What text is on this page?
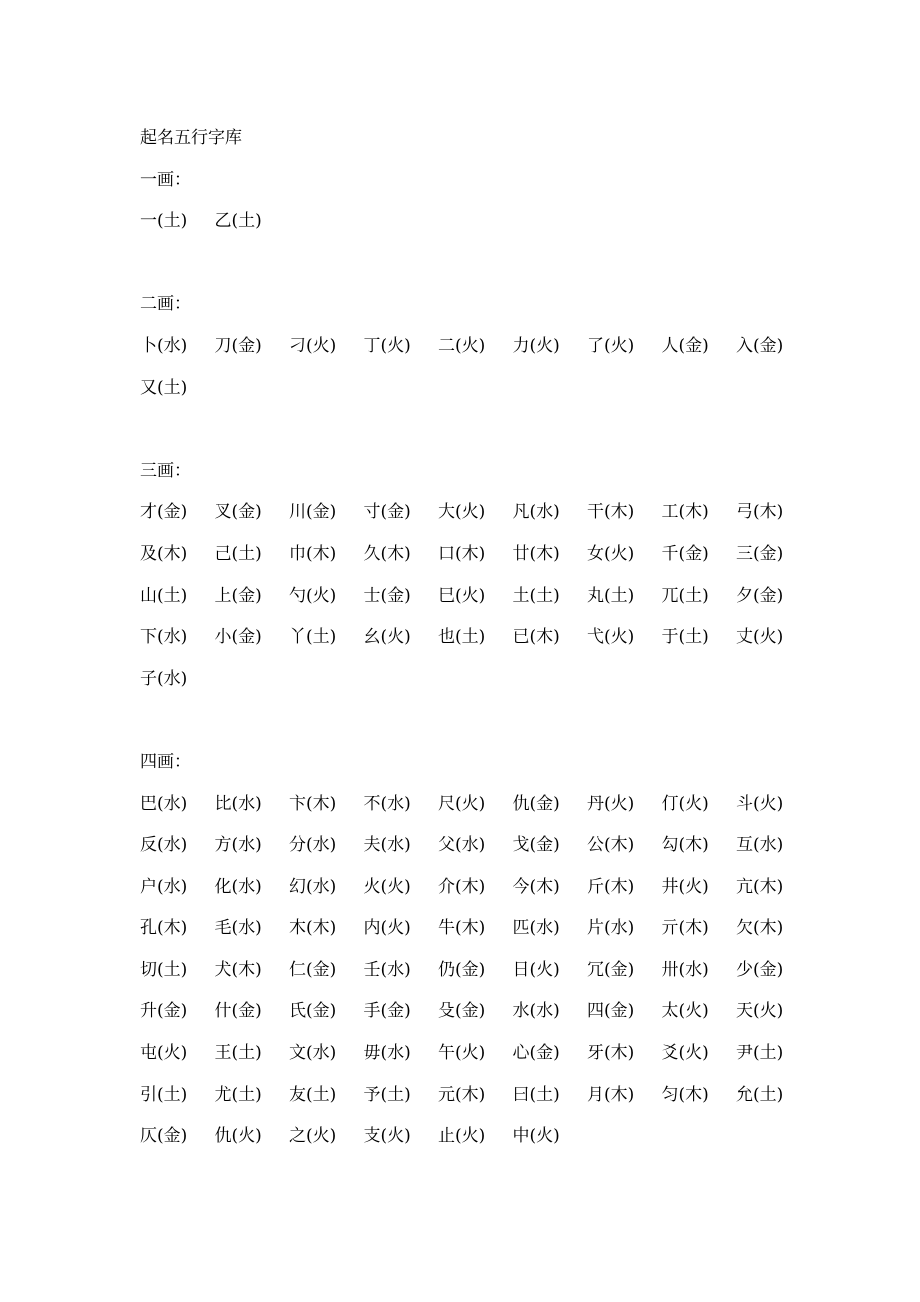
起名五行字库
一画：
一(土) 乙(土)
二画：
卜(水) 刀(金) 刁(火) 丁(火) 二(火) 力(火) 了(火) 人(金) 入(金)
又(土)
三画：
才(金) 叉(金) 川(金) 寸(金) 大(火) 凡(水) 干(木) 工(木) 弓(木)
及(木) 己(土) 巾(木) 久(木) 口(木) 廿(木) 女(火) 千(金) 三(金)
山(土) 上(金) 勺(火) 士(金) 巳(火) 土(土) 丸(土) 兀(土) 夕(金)
下(水) 小(金) 丫(土) 幺(火) 也(土) 已(木) 弋(火) 于(土) 丈(火)
子(水)
四画：
巴(水) 比(水) 卞(木) 不(水) 尺(火) 仇(金) 丹(火) 仃(火) 斗(火)
反(水) 方(水) 分(水) 夫(水) 父(水) 戈(金) 公(木) 勾(木) 互(水)
户(水) 化(水) 幻(水) 火(火) 介(木) 今(木) 斤(木) 井(火) 亢(木)
孔(木) 毛(水) 木(木) 内(火) 牛(木) 匹(水) 片(水) 亓(木) 欠(木)
切(土) 犬(木) 仁(金) 壬(水) 仍(金) 日(火) 冗(金) 卅(水) 少(金)
升(金) 什(金) 氏(金) 手(金) 殳(金) 水(水) 四(金) 太(火) 天(火)
屯(火) 王(土) 文(水) 毋(水) 午(火) 心(金) 牙(木) 爻(火) 尹(土)
引(土) 尤(土) 友(土) 予(土) 元(木) 曰(土) 月(木) 匀(木) 允(土)
仄(金) 仇(火) 之(火) 支(火) 止(火) 中(火)
